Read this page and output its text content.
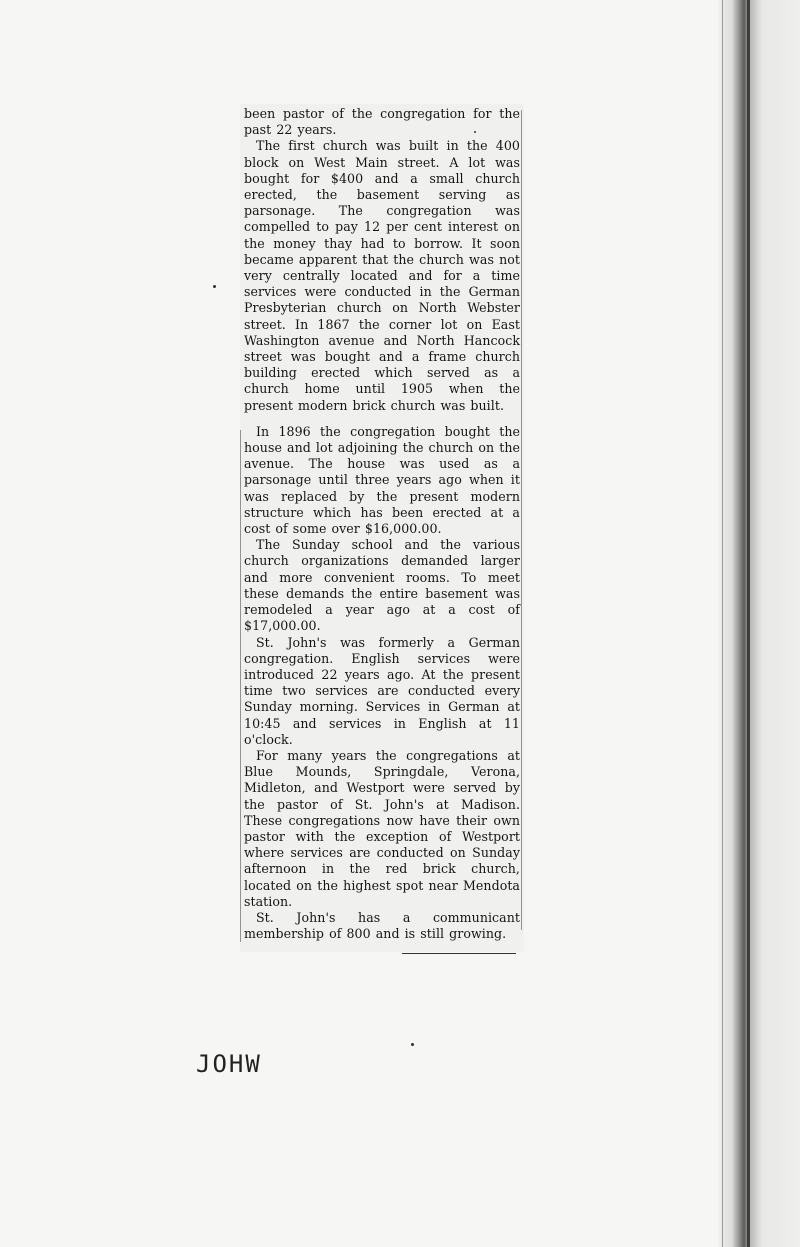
been pastor of the congregation for the past 22 years.

The first church was built in the 400 block on West Main street. A lot was bought for $400 and a small church erected, the basement serving as parsonage. The congregation was compelled to pay 12 per cent interest on the money thay had to borrow. It soon became apparent that the church was not very centrally located and for a time services were conducted in the German Presbyterian church on North Webster street. In 1867 the corner lot on East Washington avenue and North Hancock street was bought and a frame church building erected which served as a church home until 1905 when the present modern brick church was built.

In 1896 the congregation bought the house and lot adjoining the church on the avenue. The house was used as a parsonage until three years ago when it was replaced by the present modern structure which has been erected at a cost of some over $16,000.00.

The Sunday school and the various church organizations demanded larger and more convenient rooms. To meet these demands the entire basement was remodeled a year ago at a cost of $17,000.00.

St. John's was formerly a German congregation. English services were introduced 22 years ago. At the present time two services are conducted every Sunday morning. Services in German at 10:45 and services in English at 11 o'clock.

For many years the congregations at Blue Mounds, Springdale, Verona, Midleton, and Westport were served by the pastor of St. John's at Madison. These congregations now have their own pastor with the exception of Westport where services are conducted on Sunday afternoon in the red brick church, located on the highest spot near Mendota station.

St. John's has a communicant membership of 800 and is still growing.

JOHW
